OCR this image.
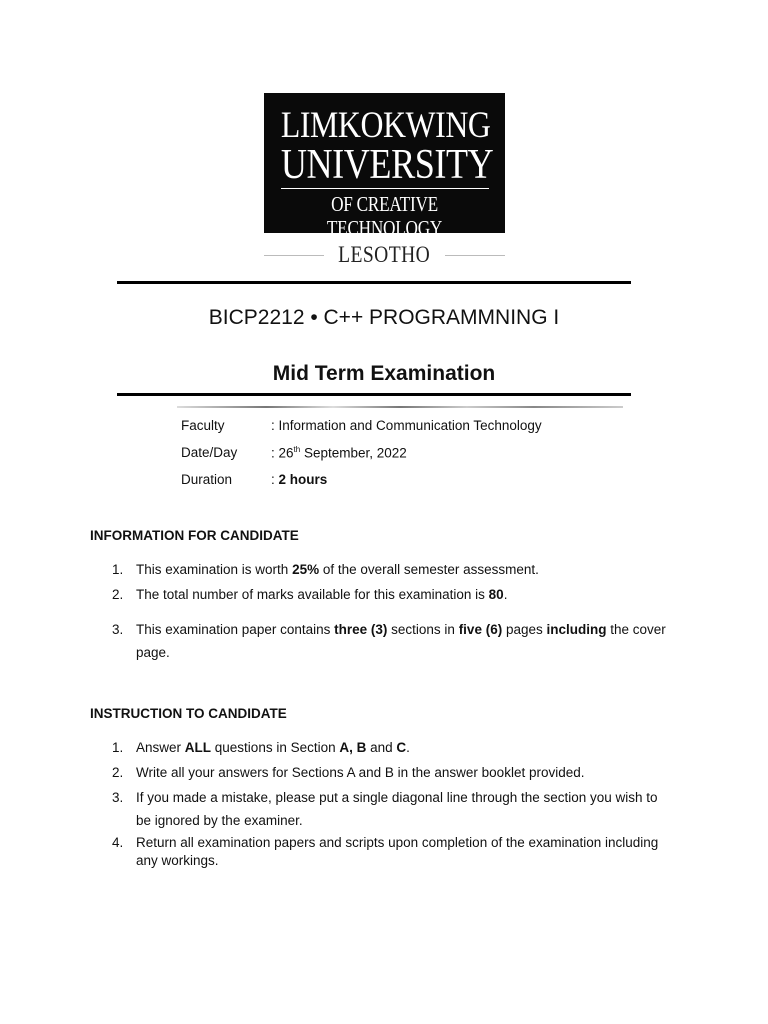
LIMKOKWING
UNIVERSITY
OF CREATIVE TECHNOLOGY
LESOTHO
BICP2212 • C++ PROGRAMMNING I
Mid Term Examination
Faculty	: Information and Communication Technology
Date/Day	: 26th September, 2022
Duration	: 2 hours
INFORMATION FOR CANDIDATE
1. This examination is worth 25% of the overall semester assessment.
2. The total number of marks available for this examination is 80.
3. This examination paper contains three (3) sections in five (6) pages including the cover
page.
INSTRUCTION TO CANDIDATE
1. Answer ALL questions in Section A, B and C.
2. Write all your answers for Sections A and B in the answer booklet provided.
3. If you made a mistake, please put a single diagonal line through the section you wish to
be ignored by the examiner.
4. Return all examination papers and scripts upon completion of the examination including
any workings.
